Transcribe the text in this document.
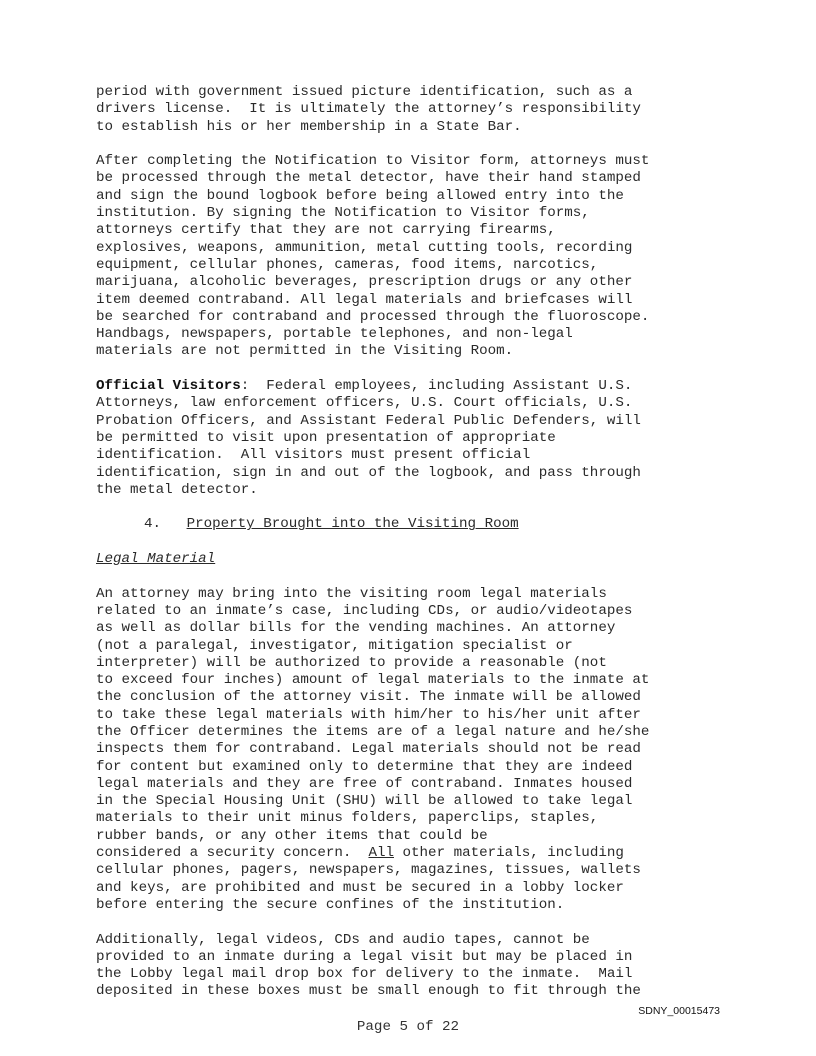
period with government issued picture identification, such as a
drivers license.  It is ultimately the attorney’s responsibility
to establish his or her membership in a State Bar.
After completing the Notification to Visitor form, attorneys must
be processed through the metal detector, have their hand stamped
and sign the bound logbook before being allowed entry into the
institution. By signing the Notification to Visitor forms,
attorneys certify that they are not carrying firearms,
explosives, weapons, ammunition, metal cutting tools, recording
equipment, cellular phones, cameras, food items, narcotics,
marijuana, alcoholic beverages, prescription drugs or any other
item deemed contraband. All legal materials and briefcases will
be searched for contraband and processed through the fluoroscope.
Handbags, newspapers, portable telephones, and non-legal
materials are not permitted in the Visiting Room.
Official Visitors:  Federal employees, including Assistant U.S.
Attorneys, law enforcement officers, U.S. Court officials, U.S.
Probation Officers, and Assistant Federal Public Defenders, will
be permitted to visit upon presentation of appropriate
identification.  All visitors must present official
identification, sign in and out of the logbook, and pass through
the metal detector.
4. Property Brought into the Visiting Room
Legal Material
An attorney may bring into the visiting room legal materials
related to an inmate’s case, including CDs, or audio/videotapes
as well as dollar bills for the vending machines. An attorney
(not a paralegal, investigator, mitigation specialist or
interpreter) will be authorized to provide a reasonable (not
to exceed four inches) amount of legal materials to the inmate at
the conclusion of the attorney visit. The inmate will be allowed
to take these legal materials with him/her to his/her unit after
the Officer determines the items are of a legal nature and he/she
inspects them for contraband. Legal materials should not be read
for content but examined only to determine that they are indeed
legal materials and they are free of contraband. Inmates housed
in the Special Housing Unit (SHU) will be allowed to take legal
materials to their unit minus folders, paperclips, staples,
rubber bands, or any other items that could be
considered a security concern.  All other materials, including
cellular phones, pagers, newspapers, magazines, tissues, wallets
and keys, are prohibited and must be secured in a lobby locker
before entering the secure confines of the institution.
Additionally, legal videos, CDs and audio tapes, cannot be
provided to an inmate during a legal visit but may be placed in
the Lobby legal mail drop box for delivery to the inmate.  Mail
deposited in these boxes must be small enough to fit through the
SDNY_00015473
Page 5 of 22
